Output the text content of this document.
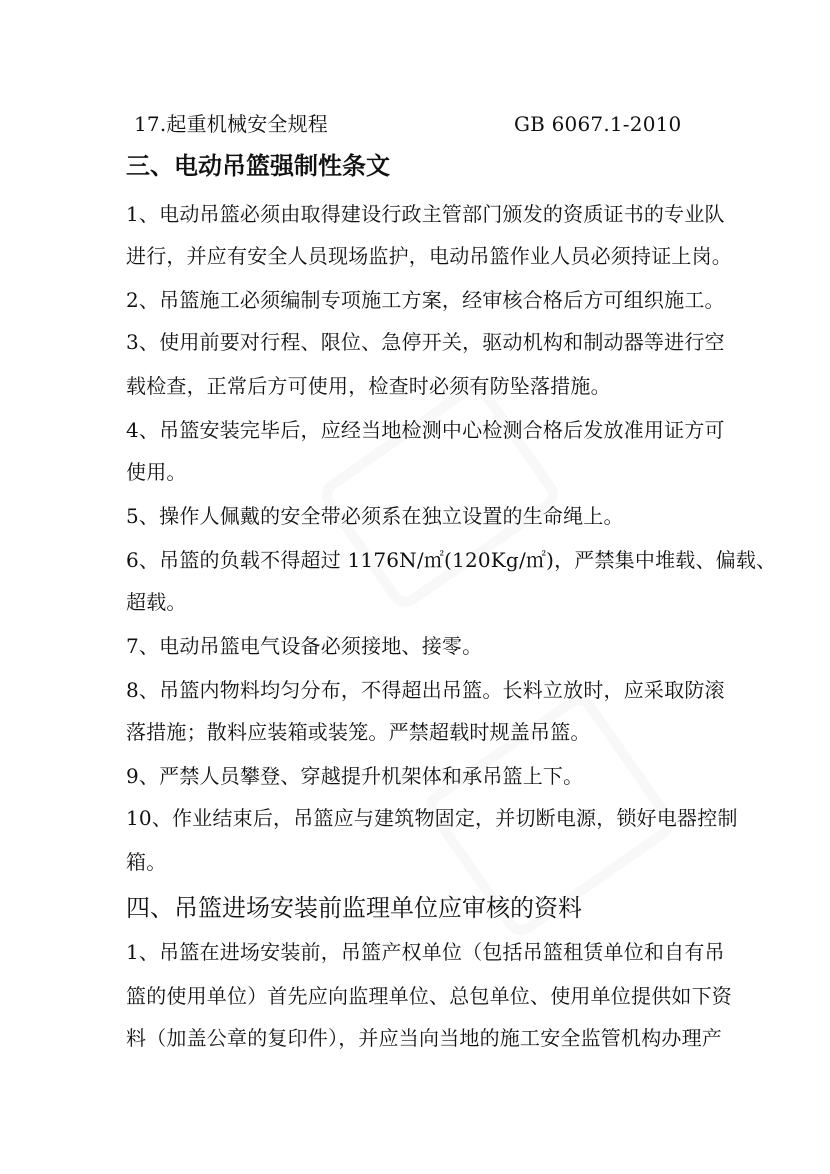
17.起重机械安全规程	GB 6067.1-2010
三、电动吊篮强制性条文
1、电动吊篮必须由取得建设行政主管部门颁发的资质证书的专业队
进行，并应有安全人员现场监护，电动吊篮作业人员必须持证上岗。
2、吊篮施工必须编制专项施工方案，经审核合格后方可组织施工。
3、使用前要对行程、限位、急停开关，驱动机构和制动器等进行空
载检查，正常后方可使用，检查时必须有防坠落措施。
4、吊篮安装完毕后，应经当地检测中心检测合格后发放准用证方可
使用。
5、操作人佩戴的安全带必须系在独立设置的生命绳上。
6、吊篮的负载不得超过 1176N/㎡(120Kg/㎡)，严禁集中堆载、偏载、
超载。
7、电动吊篮电气设备必须接地、接零。
8、吊篮内物料均匀分布，不得超出吊篮。长料立放时，应采取防滚
落措施；散料应装箱或装笼。严禁超载时规盖吊篮。
9、严禁人员攀登、穿越提升机架体和承吊篮上下。
10、作业结束后，吊篮应与建筑物固定，并切断电源，锁好电器控制
箱。
四、吊篮进场安装前监理单位应审核的资料
1、吊篮在进场安装前，吊篮产权单位（包括吊篮租赁单位和自有吊
篮的使用单位）首先应向监理单位、总包单位、使用单位提供如下资
料（加盖公章的复印件），并应当向当地的施工安全监管机构办理产
